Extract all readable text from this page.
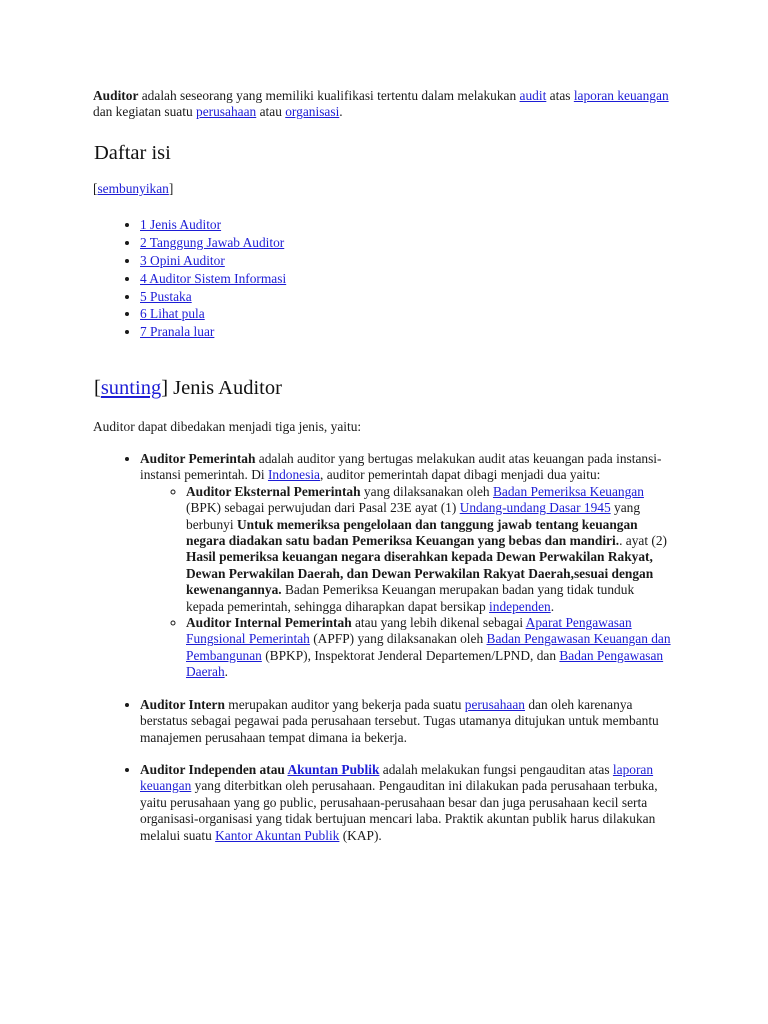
Auditor adalah seseorang yang memiliki kualifikasi tertentu dalam melakukan audit atas laporan keuangan dan kegiatan suatu perusahaan atau organisasi.

Daftar isi
[sembunyikan]
• 1 Jenis Auditor
• 2 Tanggung Jawab Auditor
• 3 Opini Auditor
• 4 Auditor Sistem Informasi
• 5 Pustaka
• 6 Lihat pula
• 7 Pranala luar
[sunting] Jenis Auditor

Auditor dapat dibedakan menjadi tiga jenis, yaitu:

• Auditor Pemerintah adalah auditor yang bertugas melakukan audit atas keuangan pada instansi-instansi pemerintah. Di Indonesia, auditor pemerintah dapat dibagi menjadi dua yaitu:
◦ Auditor Eksternal Pemerintah yang dilaksanakan oleh Badan Pemeriksa Keuangan (BPK) sebagai perwujudan dari Pasal 23E ayat (1) Undang-undang Dasar 1945 yang berbunyi Untuk memeriksa pengelolaan dan tanggung jawab tentang keuangan negara diadakan satu badan Pemeriksa Keuangan yang bebas dan mandiri.. ayat (2) Hasil pemeriksa keuangan negara diserahkan kepada Dewan Perwakilan Rakyat, Dewan Perwakilan Daerah, dan Dewan Perwakilan Rakyat Daerah,sesuai dengan kewenangannya. Badan Pemeriksa Keuangan merupakan badan yang tidak tunduk kepada pemerintah, sehingga diharapkan dapat bersikap independen.
◦ Auditor Internal Pemerintah atau yang lebih dikenal sebagai Aparat Pengawasan Fungsional Pemerintah (APFP) yang dilaksanakan oleh Badan Pengawasan Keuangan dan Pembangunan (BPKP), Inspektorat Jenderal Departemen/LPND, dan Badan Pengawasan Daerah.
• Auditor Intern merupakan auditor yang bekerja pada suatu perusahaan dan oleh karenanya berstatus sebagai pegawai pada perusahaan tersebut. Tugas utamanya ditujukan untuk membantu manajemen perusahaan tempat dimana ia bekerja.
• Auditor Independen atau Akuntan Publik adalah melakukan fungsi pengauditan atas laporan keuangan yang diterbitkan oleh perusahaan. Pengauditan ini dilakukan pada perusahaan terbuka, yaitu perusahaan yang go public, perusahaan-perusahaan besar dan juga perusahaan kecil serta organisasi-organisasi yang tidak bertujuan mencari laba. Praktik akuntan publik harus dilakukan melalui suatu Kantor Akuntan Publik (KAP).
